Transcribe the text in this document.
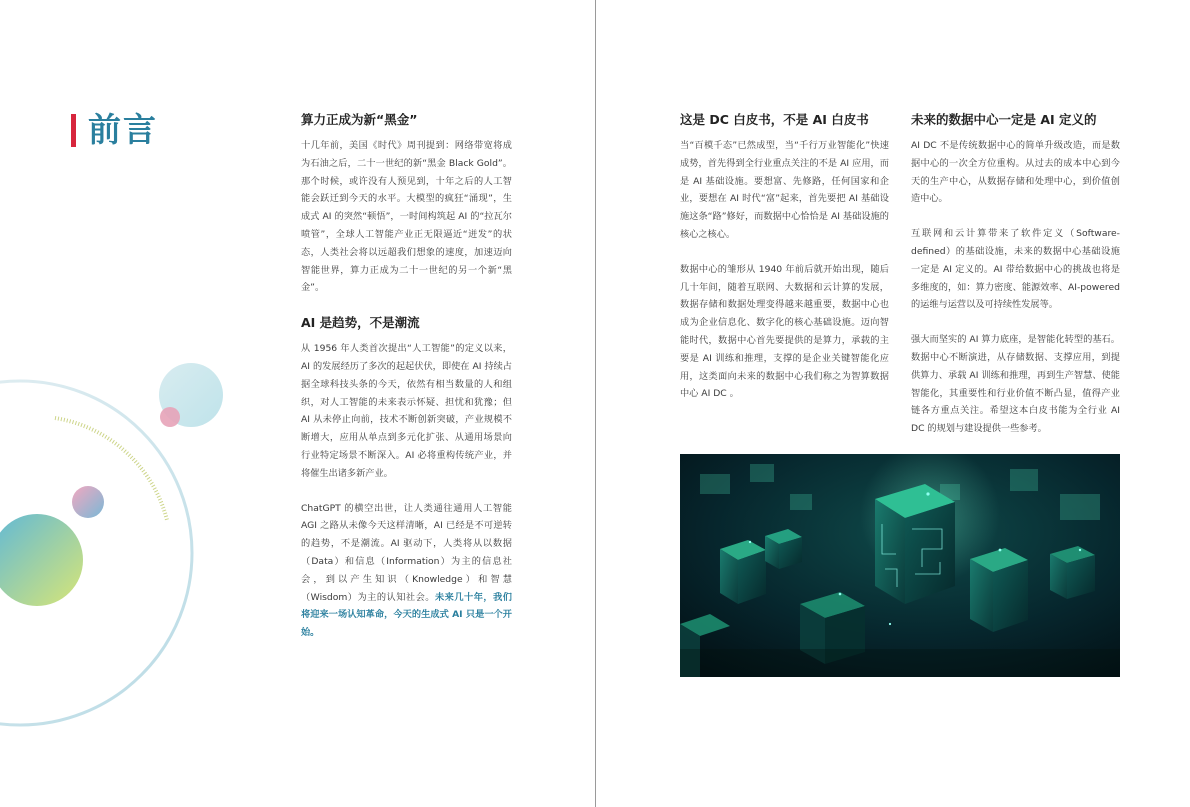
前言	算力正成为新“黑金”

十几年前，美国《时代》周刊提到：网络带宽将成为石油之后，二十一世纪的新“黑金 Black Gold”。那个时候，或许没有人预见到，十年之后的人工智能会跃迁到今天的水平。大模型的疯狂“涌现”，生成式 AI 的突然“顿悟”，一时间构筑起 AI 的“拉瓦尔喷管”，全球人工智能产业正无限逼近“迸发”的状态，人类社会将以远超我们想象的速度，加速迈向智能世界，算力正成为二十一世纪的另一个新“黑金”。

AI 是趋势，不是潮流

从 1956 年人类首次提出“人工智能”的定义以来，AI 的发展经历了多次的起起伏伏，即使在 AI 持续占据全球科技头条的今天，依然有相当数量的人和组织，对人工智能的未来表示怀疑、担忧和犹豫；但 AI 从未停止向前，技术不断创新突破，产业规模不断增大，应用从单点到多元化扩张、从通用场景向行业特定场景不断深入。AI 必将重构传统产业，并将催生出诸多新产业。

ChatGPT 的横空出世，让人类通往通用人工智能 AGI 之路从未像今天这样清晰，AI 已经是不可逆转的趋势，不是潮流。AI 驱动下，人类将从以数据（Data）和信息（Information）为主的信息社会，到以产生知识（Knowledge）和智慧（Wisdom）为主的认知社会。未来几十年，我们将迎来一场认知革命，今天的生成式 AI 只是一个开始。

这是 DC 白皮书，不是 AI 白皮书

当“百模千态”已然成型，当“千行万业智能化”快速成势，首先得到全行业重点关注的不是 AI 应用，而是 AI 基础设施。要想富、先修路，任何国家和企业，要想在 AI 时代“富”起来，首先要把 AI 基础设施这条“路”修好，而数据中心恰恰是 AI 基础设施的核心之核心。

数据中心的雏形从 1940 年前后就开始出现，随后几十年间，随着互联网、大数据和云计算的发展，数据存储和数据处理变得越来越重要，数据中心也成为企业信息化、数字化的核心基础设施。迈向智能时代，数据中心首先要提供的是算力，承载的主要是 AI 训练和推理，支撑的是企业关键智能化应用，这类面向未来的数据中心我们称之为智算数据中心 AI DC 。

未来的数据中心一定是 AI 定义的

AI DC 不是传统数据中心的简单升级改造，而是数据中心的一次全方位重构。从过去的成本中心到今天的生产中心，从数据存储和处理中心，到价值创造中心。

互联网和云计算带来了软件定义（Software-defined）的基础设施，未来的数据中心基础设施一定是 AI 定义的。AI 带给数据中心的挑战也将是多维度的，如：算力密度、能源效率、AI-powered 的运维与运营以及可持续性发展等。

强大而坚实的 AI 算力底座，是智能化转型的基石。数据中心不断演进，从存储数据、支撑应用，到提供算力、承载 AI 训练和推理，再到生产智慧、使能智能化，其重要性和行业价值不断凸显，值得产业链各方重点关注。希望这本白皮书能为全行业 AI DC 的规划与建设提供一些参考。
